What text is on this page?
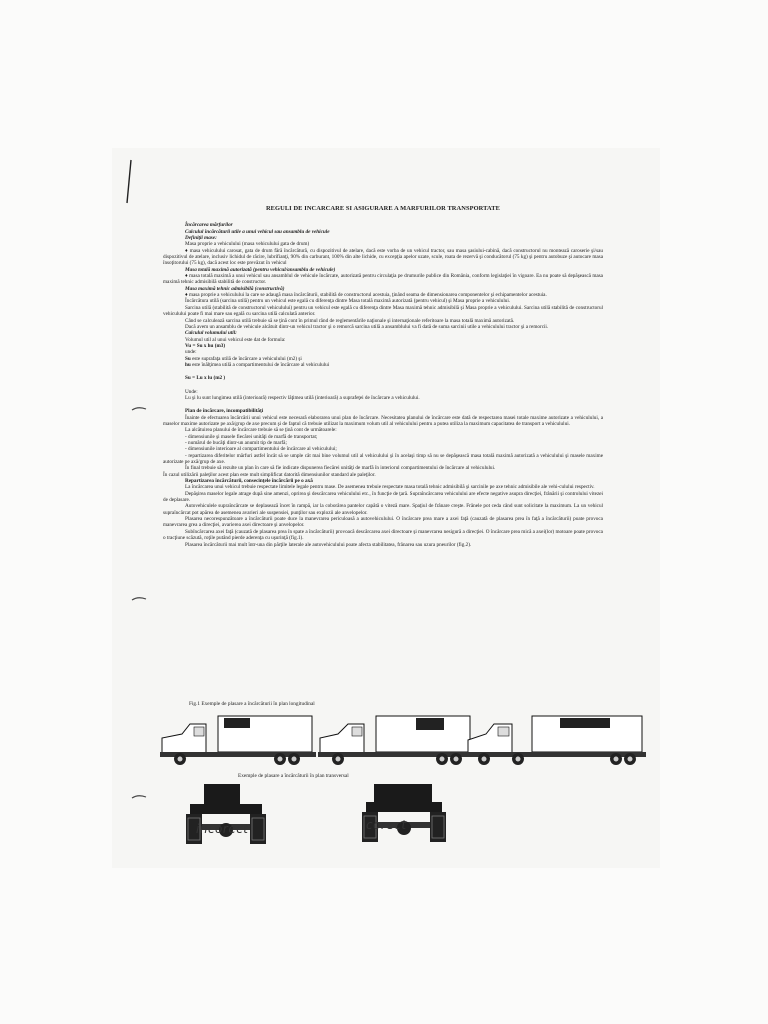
REGULI DE INCARCARE SI ASIGURARE A MARFURILOR TRANSPORTATE
Încărcarea mărfurilor
Calculul încărcăturii utile a unui vehicul sau ansamblu de vehicule
Definiţii mase:
Masa proprie a vehiculului (masa vehiculului gata de drum)
♦ masa vehiculului carosat, gata de drum fără încărcătură, cu dispozitivul de atelare, dacă este vorba de un vehicul tractor, sau masa şasiului-cabină, dacă constructorul nu montează caroserie şi/sau dispozitivul de atelare, inclusiv lichidul de răcire, lubrifianţi, 90% din carburant, 100% din alte lichide, cu excepţia apelor uzate, scule, roata de rezervă şi conducătorul (75 kg) şi pentru autobuze şi autocare masa însoţitorului (75 kg), dacă acest loc este prevăzut în vehicul
Masa totală maximă autorizată (pentru vehicul/ansamblu de vehicule)
♦ masa totală maximă a unui vehicul sau ansamblul de vehicule încărcate, autorizată pentru circulaţia pe drumurile publice din România, conform legislaţiei în vigoare. Ea nu poate să depăşească masa maximă tehnic admisibilă stabilită de constructor.
Masa maximă tehnic admisibilă (constructivă)
♦ masa proprie a vehiculului la care se adaugă masa încărcăturii, stabilită de constructorul acestuia, ţinând seama de dimensionarea componentelor şi echipamentelor acestuia.
Încărcătura utilă (sarcina utilă) pentru un vehicul este egală cu diferenţa dintre Masa totală maximă autorizată (pentru vehicul) şi Masa proprie a vehiculului.
Sarcina utilă (stabilită de constructorul vehiculului) pentru un vehicul este egală cu diferenţa dintre Masa maximă tehnic admisibilă şi Masa proprie a vehiculului. Sarcina utilă stabilită de constructorul vehiculului poate fi mai mare sau egală cu sarcina utilă calculată anterior.
Când se calculează sarcina utilă trebuie să se ţină cont în primul rând de reglementările naţionale şi internaţionale referitoare la masa totală maximă autorizată.
Dacă avem un ansamblu de vehicule alcătuit dintr-un vehicul tractor şi o remorcă sarcina utilă a ansamblului va fi dată de suma sarcinii utile a vehiculului tractor şi a remorcii.
Calculul volumului util:
Volumul util al unui vehicul este dat de formula:
Vu = Su x hu (m3)
unde:
Su este suprafaţa utilă de încărcare a vehiculului (m2) şi
hu este înălţimea utilă a compartimentului de încărcare al vehiculului
Su = Lu x lu (m2 )
Unde:
Lu şi lu sunt lungimea utilă (interioară) respectiv lăţimea utilă (interioară) a suprafeţei de încărcare a vehiculului.
Plan de încărcare, incompatibilităţi
Înainte de efectuarea încărcării unui vehicul este necesară elaborarea unui plan de încărcare. Necesitatea planului de încărcare este dată de respectarea masei totale maxime autorizate a vehiculului, a maselor maxime autorizate pe axă/grup de axe precum şi de faptul că trebuie utilizat la maximum volum util al vehiculului pentru a putea utiliza la maximum capacitatea de transport a vehiculului.
La alcătuirea planului de încărcare trebuie să se ţină cont de următoarele:
- dimensiunile şi masele fiecărei unităţi de marfă de transportat;
- numărul de bucăţi dintr-un anumit tip de marfă;
- dimensiunile interioare al compartimentului de încărcare al vehiculului;
- repartizarea diferitelor mărfuri astfel încât să se umple cât mai bine volumul util al vehiculului şi în acelaşi timp să nu se depăşească masa totală maximă autorizată a vehiculului şi masele maxime autorizate pe axă/grup de axe.
În final trebuie să rezulte un plan în care să fie indicate dispunerea fiecărei unităţi de marfă în interiorul compartimentului de încărcare al vehiculului.
În cazul utilizării paleţilor acest plan este mult simplificat datorită dimensiunilor standard ale paleţilor.
Repartizarea încărcăturii, consecinţele încărcării pe o axă
La încărcarea unui vehicul trebuie respectate limitele legale pentru mase. De asemenea trebuie respectate masa totală tehnic admisibilă şi sarcinile pe axe tehnic admisibile ale vehi-culului respectiv.
Depăşirea maselor legale atrage după sine amenzi, oprirea şi descărcarea vehiculului etc., în funcţie de ţară. Supraîncărcarea vehiculului are efecte negative asupra direcţiei, frânării şi controlului vitezei de deplasare.
Autovehiculele supraîncărcate se deplasează încet în rampă, iar la coborârea pantelor capătă o viteză mare. Spaţiul de frânare creşte. Frânele pot ceda când sunt solicitate la maximum. La un vehicul supraîncărcat pot apărea de asemenea avarieri ale suspensiei, punţilor sau explozii ale anvelopelor.
Plasarea necorespunzătoare a încărcăturii poate duce la manevrarea periculoasă a autovehiculului. O încărcare prea mare a axei faţă (cauzată de plasarea prea în faţă a încărcăturii) poate provoca manevrarea grea a direcţiei, avarierea axei directoare şi anvelopelor.
Subîncărcarea axei faţă (cauzată de plasarea prea în spate a încărcăturii) provoacă descărcarea axei directoare şi manevrarea nesigură a direcţiei. O încărcare prea mică a axei(lor) motoare poate provoca o tracţiune scăzută, roţile putând pierde aderenţa cu uşurinţă (fig.1).
Plasarea încărcăturii mai mult într-una din părţile laterale ale autovehiculului poate afecta stabilitatea, frânarea sau uzura pneurilor (fig.2).
Fig.1 Exemple de plasare a încărcăturii în plan longitudinal
Exemple de plasare a încărcăturii în plan transversal
incorect	corect
